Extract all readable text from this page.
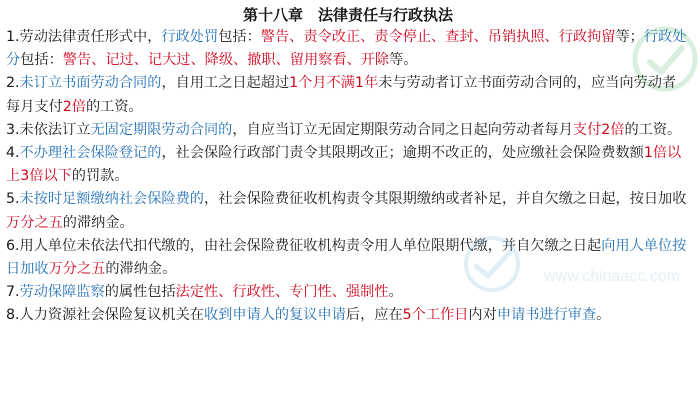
第十八章　法律责任与行政执法

1.劳动法律责任形式中，行政处罚包括：警告、责令改正、责令停止、查封、吊销执照、行政拘留等；行政处分包括：警告、记过、记大过、降级、撤职、留用察看、开除等。

2.未订立书面劳动合同的，自用工之日起超过1个月不满1年未与劳动者订立书面劳动合同的，应当向劳动者每月支付2倍的工资。

3.未依法订立无固定期限劳动合同的，自应当订立无固定期限劳动合同之日起向劳动者每月支付2倍的工资。

4.不办理社会保险登记的，社会保险行政部门责令其限期改正；逾期不改正的，处应缴社会保险费数额1倍以上3倍以下的罚款。

5.未按时足额缴纳社会保险费的，社会保险费征收机构责令其限期缴纳或者补足，并自欠缴之日起，按日加收万分之五的滞纳金。

6.用人单位未依法代扣代缴的，由社会保险费征收机构责令用人单位限期代缴，并自欠缴之日起向用人单位按日加收万分之五的滞纳金。

7.劳动保障监察的属性包括法定性、行政性、专门性、强制性。

8.人力资源社会保险复议机关在收到申请人的复议申请后，应在5个工作日内对申请书进行审查。

www.chinaacc.com
